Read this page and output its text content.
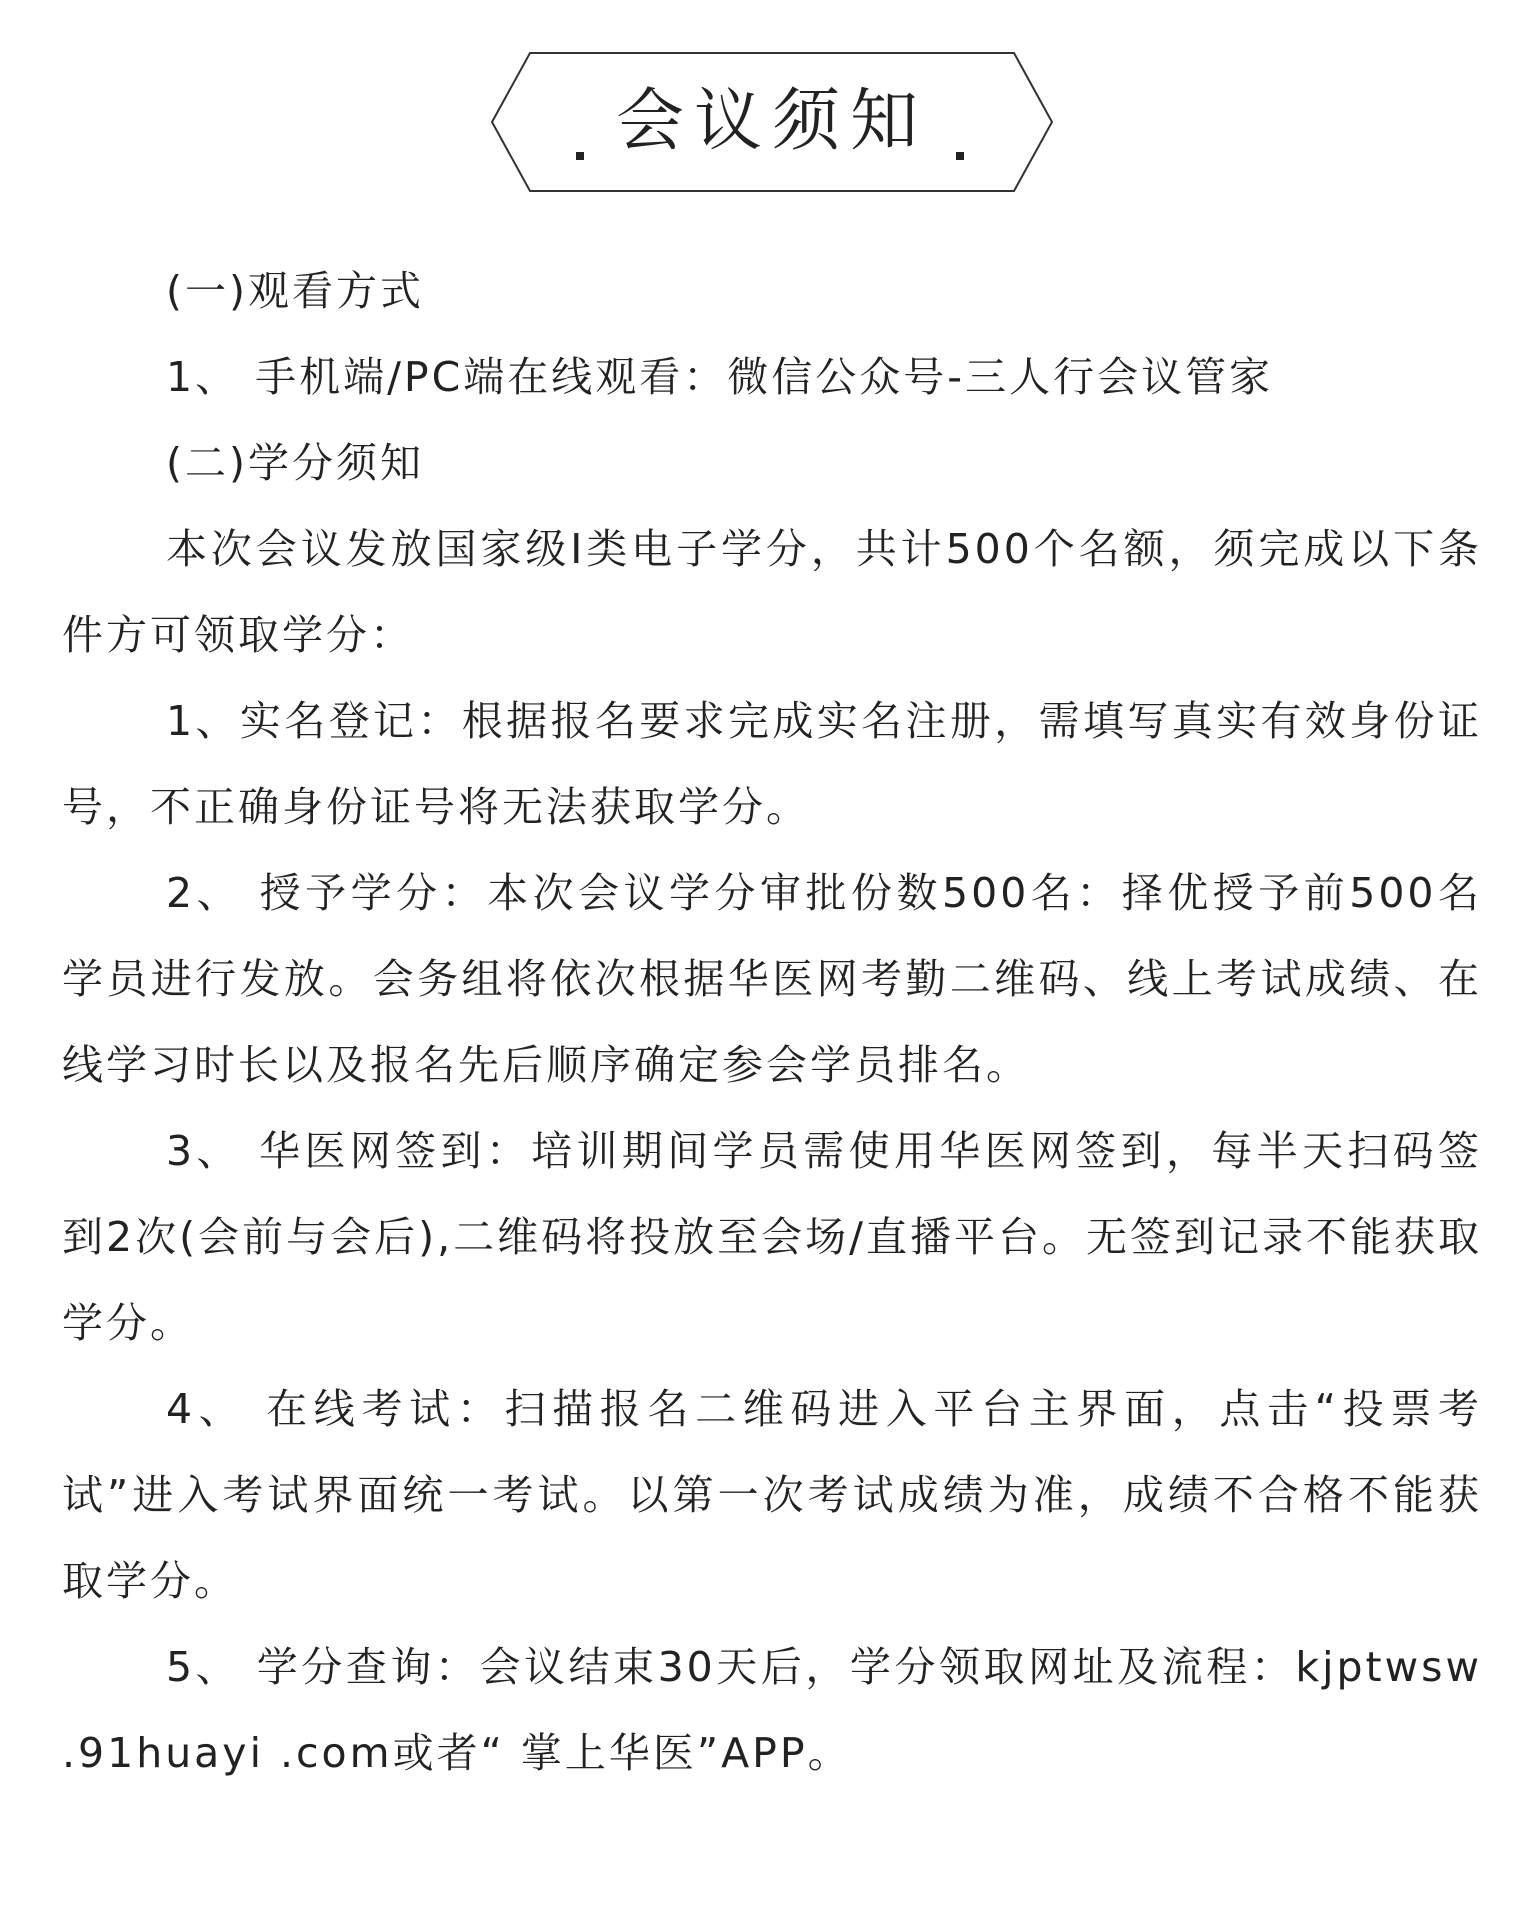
会议须知

(一)观看方式

1、 手机端/PC端在线观看：微信公众号-三人行会议管家

(二)学分须知

本次会议发放国家级I类电子学分，共计500个名额，须完成以下条件方可领取学分：

1、实名登记：根据报名要求完成实名注册，需填写真实有效身份证号，不正确身份证号将无法获取学分。

2、 授予学分：本次会议学分审批份数500名：择优授予前500名学员进行发放。会务组将依次根据华医网考勤二维码、线上考试成绩、在线学习时长以及报名先后顺序确定参会学员排名。

3、 华医网签到：培训期间学员需使用华医网签到，每半天扫码签到2次(会前与会后),二维码将投放至会场/直播平台。无签到记录不能获取学分。

4、 在线考试：扫描报名二维码进入平台主界面，点击“投票考试”进入考试界面统一考试。以第一次考试成绩为准，成绩不合格不能获取学分。

5、 学分查询：会议结束30天后，学分领取网址及流程：kjptwsw .91huayi .com或者“ 掌上华医”APP。
